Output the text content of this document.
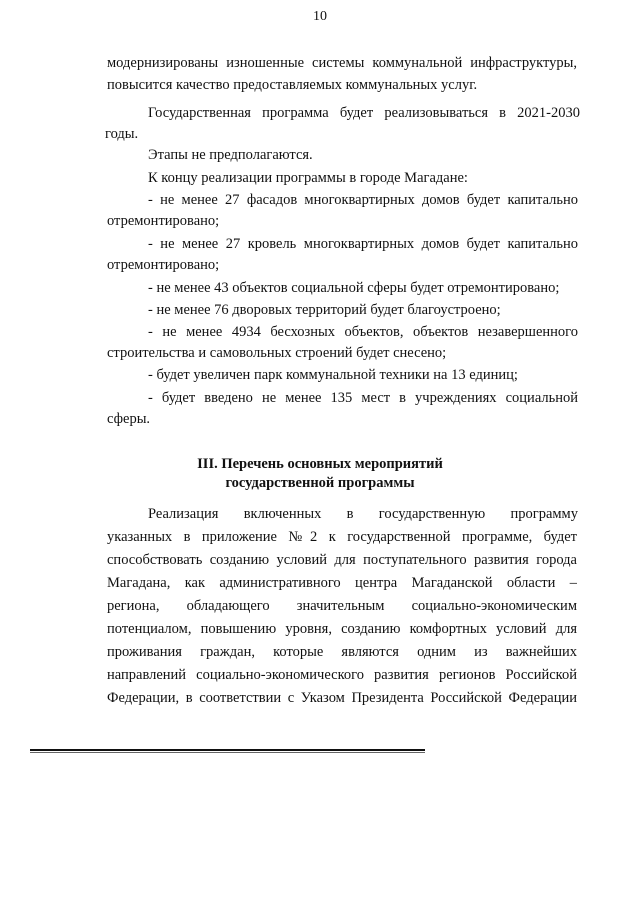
10
модернизированы изношенные системы коммунальной инфраструктуры,
повысится качество предоставляемых коммунальных услуг.
Государственная программа будет реализовываться в 2021-2030
годы.
Этапы не предполагаются.
К концу реализации программы в городе Магадане:
- не менее 27 фасадов многоквартирных домов будет капитально
отремонтировано;
- не менее 27 кровель многоквартирных домов будет капитально
отремонтировано;
- не менее 43 объектов социальной сферы будет отремонтировано;
- не менее 76 дворовых территорий будет благоустроено;
- не менее 4934 бесхозных объектов, объектов незавершенного
строительства и самовольных строений будет снесено;
- будет увеличен парк коммунальной техники на 13 единиц;
- будет введено не менее 135 мест в учреждениях социальной
сферы.
III. Перечень основных мероприятий
государственной программы
Реализация включенных в государственную программу
указанных в приложение №2 к государственной программе, будет
способствовать созданию условий для поступательного развития города
Магадана, как административного центра Магаданской области –
региона, обладающего значительным социально-экономическим
потенциалом, повышению уровня, созданию комфортных условий для
проживания граждан, которые являются одним из важнейших
направлений социально-экономического развития регионов Российской
Федерации, в соответствии с Указом Президента Российской Федерации
